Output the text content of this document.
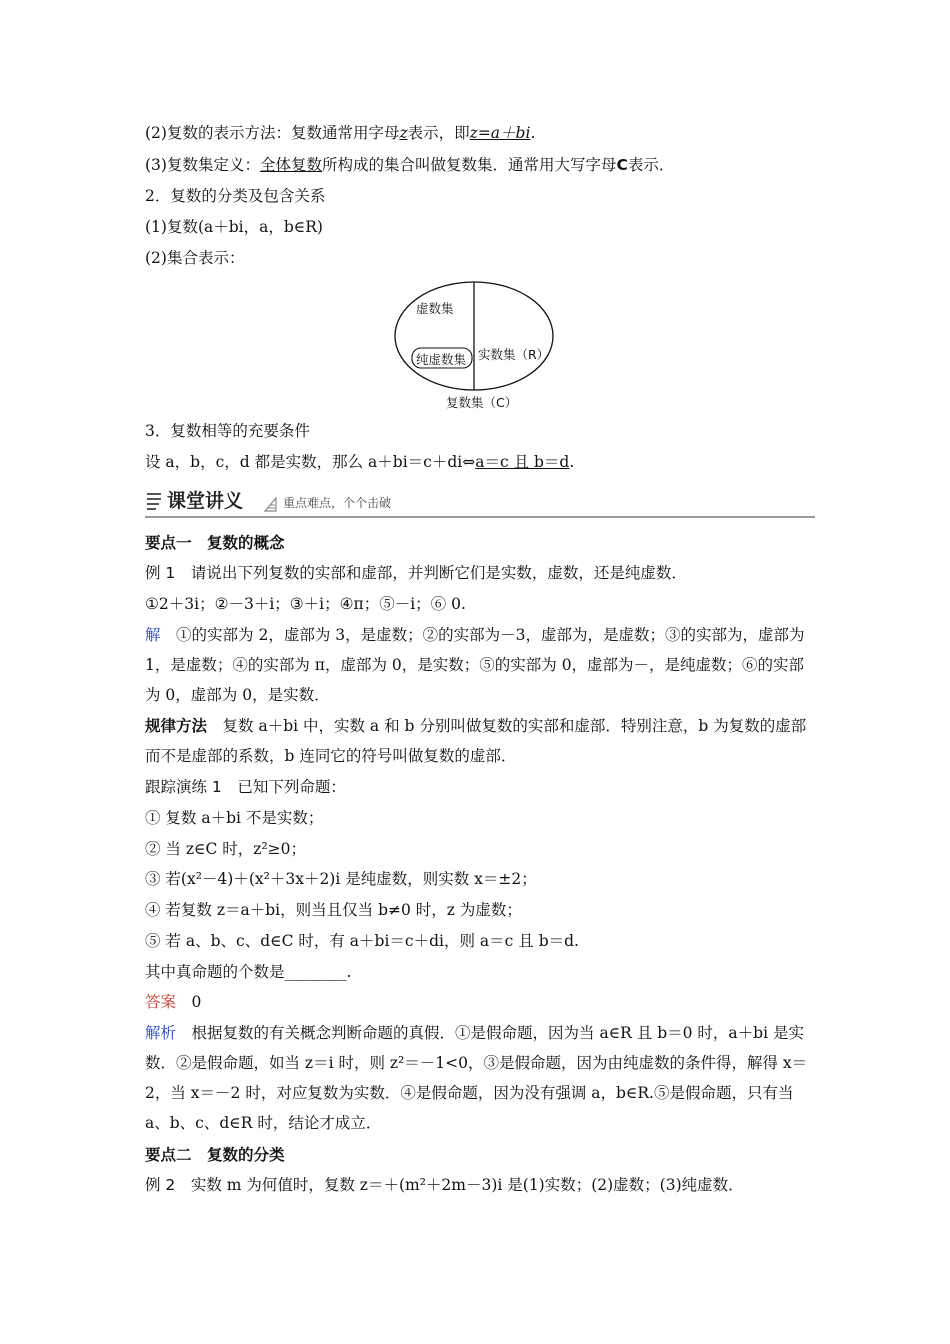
(2)复数的表示方法：复数通常用字母z表示，即z=a＋bi.
(3)复数集定义：全体复数所构成的集合叫做复数集．通常用大写字母C表示．
2．复数的分类及包含关系
(1)复数(a＋bi，a，b∈R)
(2)集合表示：
虚数集
纯虚数集 实数集（R）
复数集（C）
3．复数相等的充要条件
设 a，b，c，d 都是实数，那么 a＋bi＝c＋di⇔a＝c 且 b＝d.
课堂讲义	重点难点，个个击破
要点一　复数的概念
例 1　 请说出下列复数的实部和虚部，并判断它们是实数，虚数，还是纯虚数．
①2＋3i；②－3＋i；③＋i；④π；⑤－i；⑥ 0.
解　 ①的实部为 2，虚部为 3，是虚数；②的实部为－3，虚部为，是虚数；③的实部为，虚部为 1，是虚数；④的实部为 π，虚部为 0，是实数；⑤的实部为 0，虚部为－，是纯虚数；⑥的实部为 0，虚部为 0，是实数．
规律方法　 复数 a＋bi 中，实数 a 和 b 分别叫做复数的实部和虚部．特别注意，b 为复数的虚部而不是虚部的系数，b 连同它的符号叫做复数的虚部．
跟踪演练 1　 已知下列命题：
① 复数 a＋bi 不是实数；
② 当 z∈C 时，z²≥0；
③ 若(x²－4)＋(x²＋3x＋2)i 是纯虚数，则实数 x＝±2；
④ 若复数 z＝a＋bi，则当且仅当 b≠0 时，z 为虚数；
⑤ 若 a、b、c、d∈C 时，有 a＋bi＝c＋di，则 a＝c 且 b＝d.
其中真命题的个数是________.
答案　 0
解析　 根据复数的有关概念判断命题的真假．①是假命题，因为当 a∈R 且 b＝0 时，a＋bi 是实数．②是假命题，如当 z＝i 时，则 z²＝－1<0，③是假命题，因为由纯虚数的条件得，解得 x＝2，当 x＝－2 时，对应复数为实数．④是假命题，因为没有强调 a，b∈R.⑤是假命题，只有当 a、b、c、d∈R 时，结论才成立．
要点二　复数的分类
例 2　 实数 m 为何值时，复数 z＝＋(m²＋2m－3)i 是(1)实数；(2)虚数；(3)纯虚数．
